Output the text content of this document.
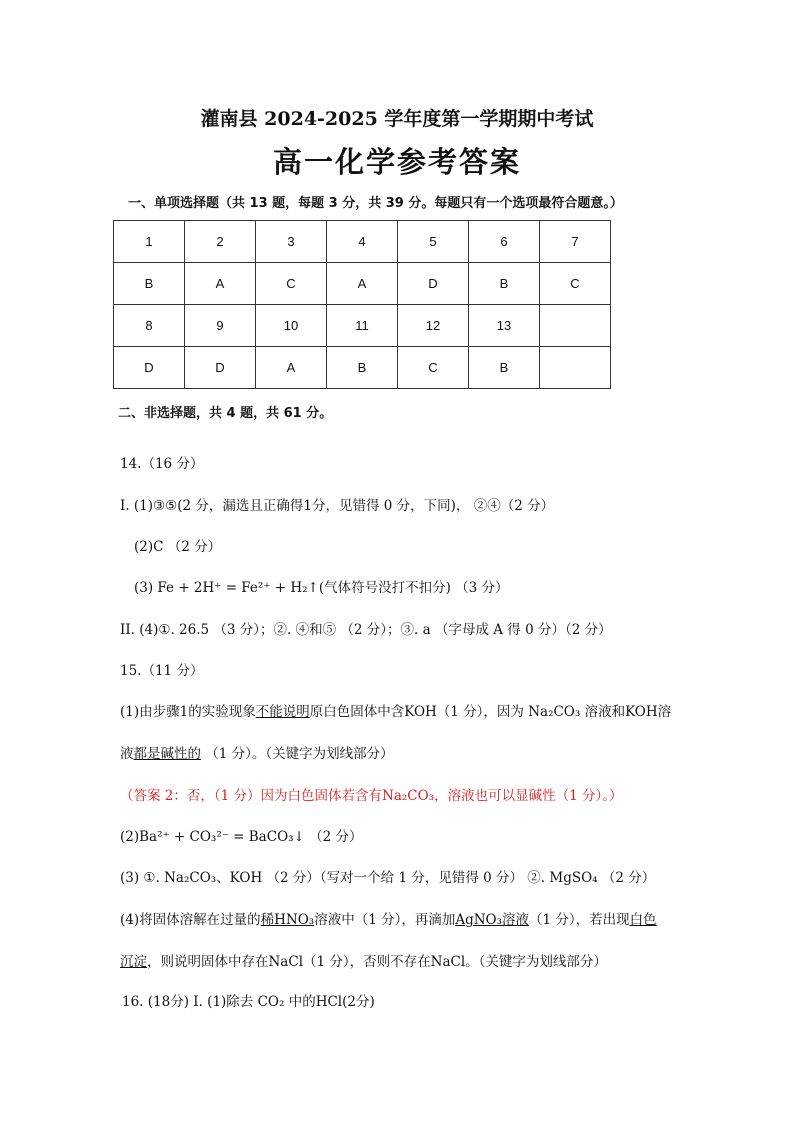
灌南县 2024-2025 学年度第一学期期中考试
高一化学参考答案
一、单项选择题（共 13 题，每题 3 分，共 39 分。每题只有一个选项最符合题意。）
1	2	3	4	5	6	7
B	A	C	A	D	B	C
8	9	10	11	12	13	
D	D	A	B	C	B	
二、非选择题，共 4 题，共 61 分。
14.（16 分）
I. (1)③⑤(2 分，漏选且正确得1分，见错得 0 分，下同)， ②④（2 分）
(2)C （2 分）
(3) Fe + 2H⁺ = Fe²⁺ + H₂↑(气体符号没打不扣分) （3 分）
II. (4)①. 26.5 （3 分）；②. ④和⑤ （2 分）；③. a （字母成 A 得 0 分）（2 分）
15.（11 分）
(1)由步骤1的实验现象不能说明原白色固体中含KOH（1 分），因为 Na₂CO₃ 溶液和KOH溶
液都是碱性的 （1 分）。（关键字为划线部分）
（答案 2：否，（1 分）因为白色固体若含有Na₂CO₃，溶液也可以显碱性（1 分）。）
(2)Ba²⁺ + CO₃²⁻ = BaCO₃↓ （2 分）
(3) ①. Na₂CO₃、KOH （2 分）（写对一个给 1 分，见错得 0 分） ②. MgSO₄ （2 分）
(4)将固体溶解在过量的稀HNO₃溶液中（1 分），再滴加AgNO₃溶液（1 分），若出现白色
沉淀，则说明固体中存在NaCl（1 分），否则不存在NaCl。（关键字为划线部分）
16. (18分) I. (1)除去 CO₂ 中的HCl(2分)
